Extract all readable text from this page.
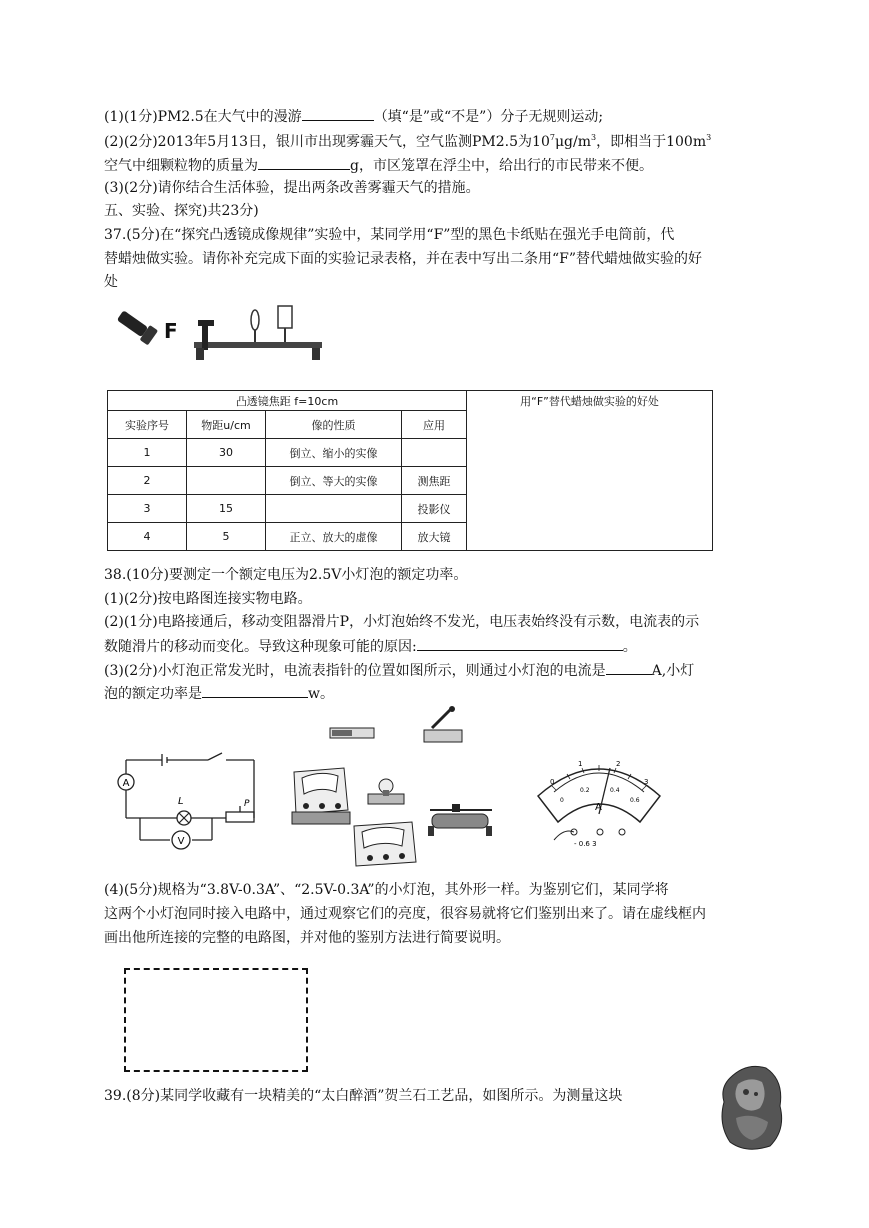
(1)(1分)PM2.5在大气中的漫游	（填“是”或“不是”）分子无规则运动;
(2)(2分)2013年5月13日，银川市出现雾霾天气，空气监测PM2.5为$10^7\mu g/m^3$，即相当于$100m^3$
空气中细颗粒物的质量为	g，市区笼罩在浮尘中，给出行的市民带来不便。
(3)(2分)请你结合生活体验，提出两条改善雾霾天气的措施。
五、实验、探究)共23分)
37.(5分)在“探究凸透镜成像规律”实验中，某同学用“F”型的黑色卡纸贴在强光手电筒前，代
替蜡烛做实验。请你补充完成下面的实验记录表格，并在表中写出二条用“F”替代蜡烛做实验的好
处
F
凸透镜焦距 f=10cm				用“F”替代蜡烛做实验的好处
实验序号	物距u/cm	像的性质	应用	
1	30	倒立、缩小的实像		
2		倒立、等大的实像	测焦距	
3	15		投影仪	
4	5	正立、放大的虚像	放大镜	
38.(10分)要测定一个额定电压为2.5V小灯泡的额定功率。
(1)(2分)按电路图连接实物电路。
(2)(1分)电路接通后，移动变阻器滑片P，小灯泡始终不发光，电压表始终没有示数，电流表的示
数随滑片的移动而变化。导致这种现象可能的原因:	。
(3)(2分)小灯泡正常发光时，电流表指针的位置如图所示，则通过小灯泡的电流是	A,小灯
泡的额定功率是	w。
A
L
V
P
0
1	2
3
0
0.2	0.4
0.6
A
- 0.6 3
(4)(5分)规格为“3.8V-0.3A”、“2.5V-0.3A”的小灯泡，其外形一样。为鉴别它们，某同学将
这两个小灯泡同时接入电路中，通过观察它们的亮度，很容易就将它们鉴别出来了。请在虚线框内
画出他所连接的完整的电路图，并对他的鉴别方法进行简要说明。
39.(8分)某同学收藏有一块精美的“太白醉酒”贺兰石工艺品，如图所示。为测量这块
